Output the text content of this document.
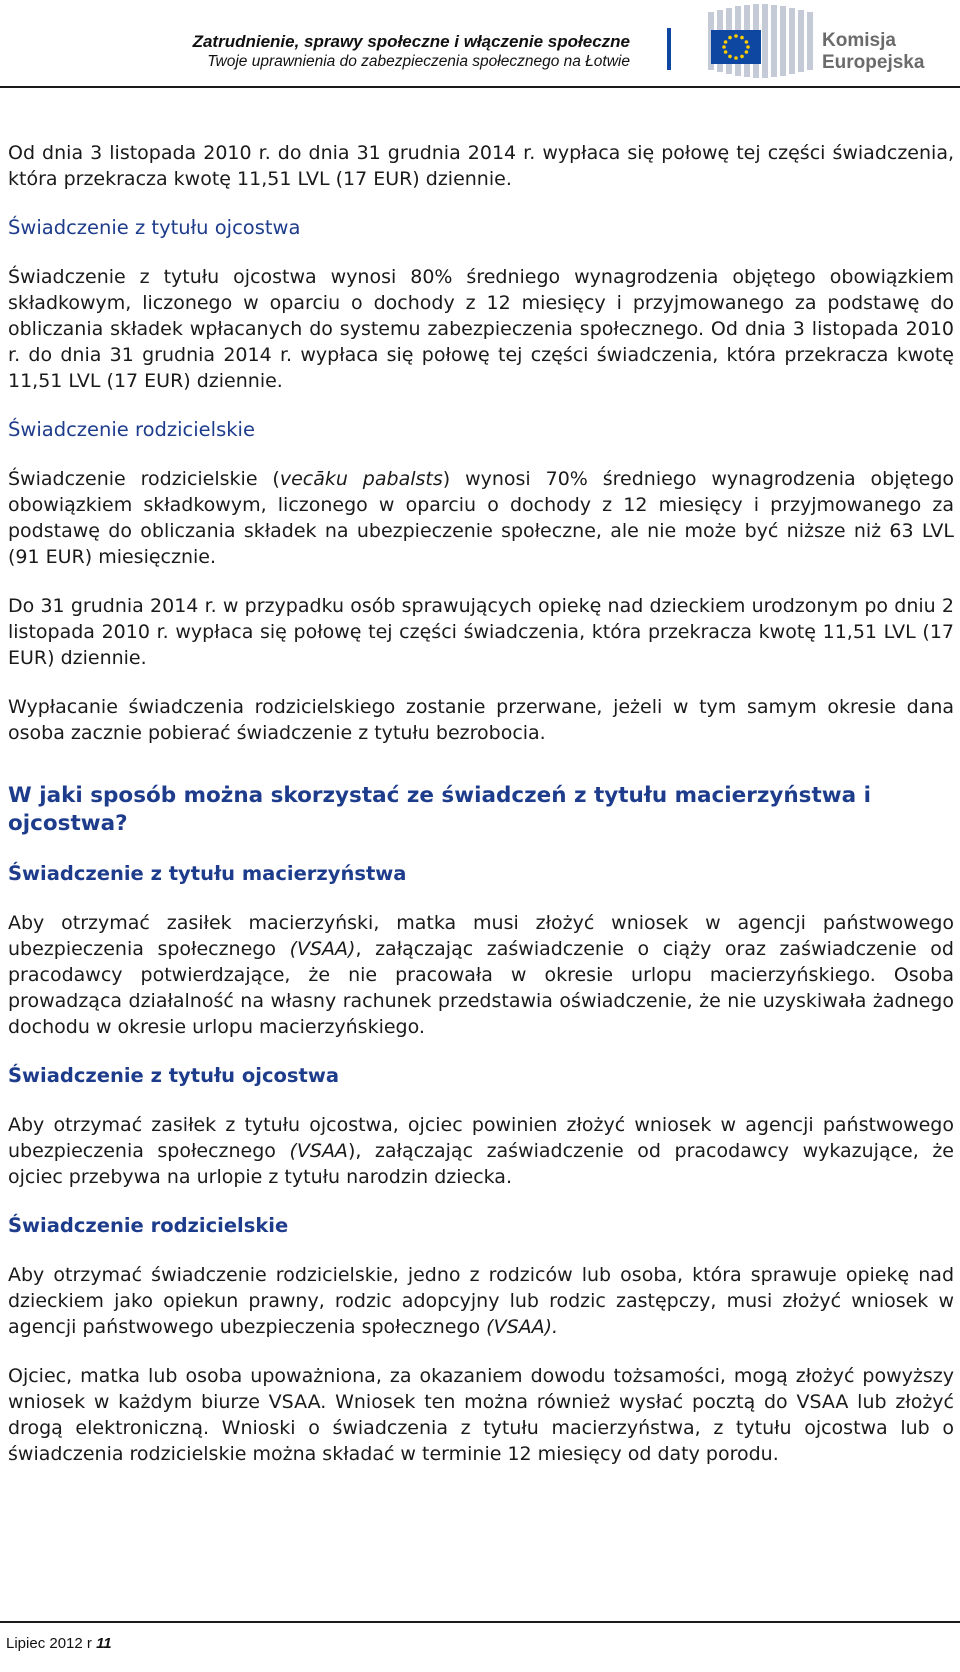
Zatrudnienie, sprawy społeczne i włączenie społeczne
Twoje uprawnienia do zabezpieczenia społecznego na Łotwie
Komisja
Europejska

Od dnia 3 listopada 2010 r. do dnia 31 grudnia 2014 r. wypłaca się połowę tej części świadczenia, która przekracza kwotę 11,51 LVL (17 EUR) dziennie.

Świadczenie z tytułu ojcostwa

Świadczenie z tytułu ojcostwa wynosi 80% średniego wynagrodzenia objętego obowiązkiem składkowym, liczonego w oparciu o dochody z 12 miesięcy i przyjmowanego za podstawę do obliczania składek wpłacanych do systemu zabezpieczenia społecznego. Od dnia 3 listopada 2010 r. do dnia 31 grudnia 2014 r. wypłaca się połowę tej części świadczenia, która przekracza kwotę 11,51 LVL (17 EUR) dziennie.

Świadczenie rodzicielskie

Świadczenie rodzicielskie (vecāku pabalsts) wynosi 70% średniego wynagrodzenia objętego obowiązkiem składkowym, liczonego w oparciu o dochody z 12 miesięcy i przyjmowanego za podstawę do obliczania składek na ubezpieczenie społeczne, ale nie może być niższe niż 63 LVL (91 EUR) miesięcznie.

Do 31 grudnia 2014 r. w przypadku osób sprawujących opiekę nad dzieckiem urodzonym po dniu 2 listopada 2010 r. wypłaca się połowę tej części świadczenia, która przekracza kwotę 11,51 LVL (17 EUR) dziennie.

Wypłacanie świadczenia rodzicielskiego zostanie przerwane, jeżeli w tym samym okresie dana osoba zacznie pobierać świadczenie z tytułu bezrobocia.

W jaki sposób można skorzystać ze świadczeń z tytułu macierzyństwa i ojcostwa?
Świadczenie z tytułu macierzyństwa

Aby otrzymać zasiłek macierzyński, matka musi złożyć wniosek w agencji państwowego ubezpieczenia społecznego (VSAA), załączając zaświadczenie o ciąży oraz zaświadczenie od pracodawcy potwierdzające, że nie pracowała w okresie urlopu macierzyńskiego. Osoba prowadząca działalność na własny rachunek przedstawia oświadczenie, że nie uzyskiwała żadnego dochodu w okresie urlopu macierzyńskiego.

Świadczenie z tytułu ojcostwa

Aby otrzymać zasiłek z tytułu ojcostwa, ojciec powinien złożyć wniosek w agencji państwowego ubezpieczenia społecznego (VSAA), załączając zaświadczenie od pracodawcy wykazujące, że ojciec przebywa na urlopie z tytułu narodzin dziecka.

Świadczenie rodzicielskie

Aby otrzymać świadczenie rodzicielskie, jedno z rodziców lub osoba, która sprawuje opiekę nad dzieckiem jako opiekun prawny, rodzic adopcyjny lub rodzic zastępczy, musi złożyć wniosek w agencji państwowego ubezpieczenia społecznego (VSAA).

Ojciec, matka lub osoba upoważniona, za okazaniem dowodu tożsamości, mogą złożyć powyższy wniosek w każdym biurze VSAA. Wniosek ten można również wysłać pocztą do VSAA lub złożyć drogą elektroniczną. Wnioski o świadczenia z tytułu macierzyństwa, z tytułu ojcostwa lub o świadczenia rodzicielskie można składać w terminie 12 miesięcy od daty porodu.

Lipiec 2012 r 11
